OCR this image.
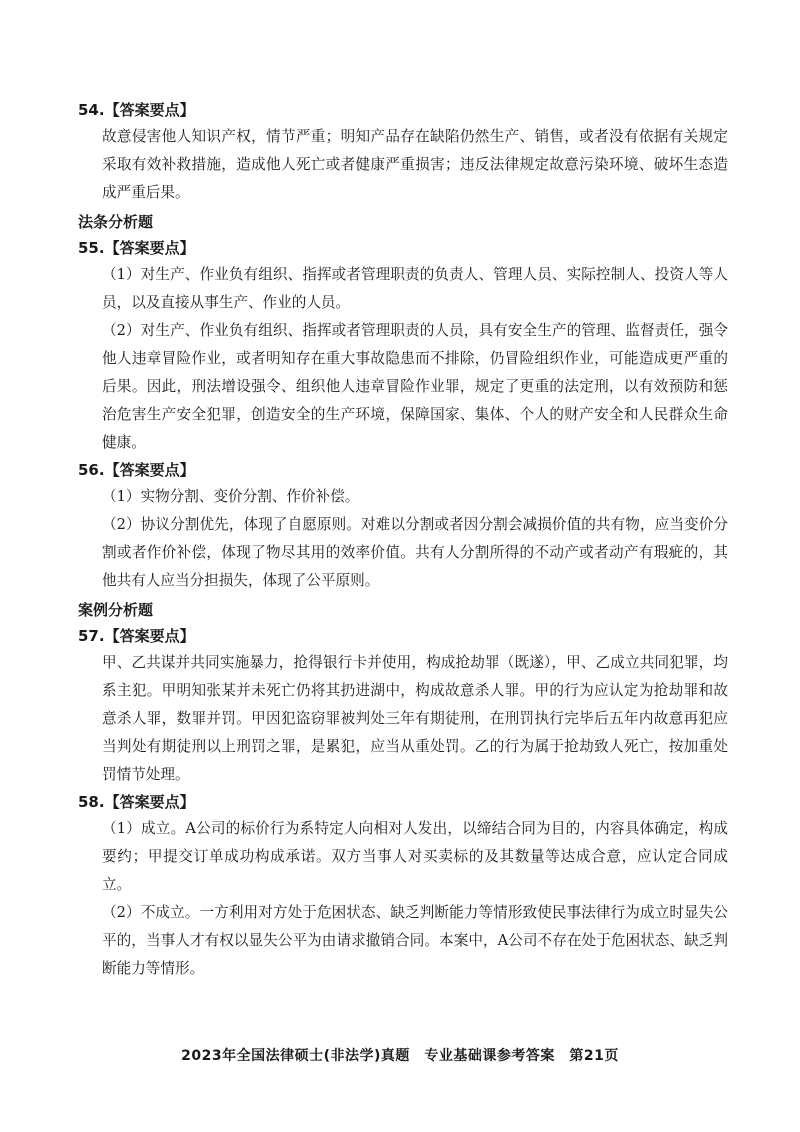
54.【答案要点】
故意侵害他人知识产权，情节严重；明知产品存在缺陷仍然生产、销售，或者没有依据有关规定采取有效补救措施，造成他人死亡或者健康严重损害；违反法律规定故意污染环境、破坏生态造成严重后果。
法条分析题
55.【答案要点】
（1）对生产、作业负有组织、指挥或者管理职责的负责人、管理人员、实际控制人、投资人等人员，以及直接从事生产、作业的人员。
（2）对生产、作业负有组织、指挥或者管理职责的人员，具有安全生产的管理、监督责任，强令他人违章冒险作业，或者明知存在重大事故隐患而不排除，仍冒险组织作业，可能造成更严重的后果。因此，刑法增设强令、组织他人违章冒险作业罪，规定了更重的法定刑，以有效预防和惩治危害生产安全犯罪，创造安全的生产环境，保障国家、集体、个人的财产安全和人民群众生命健康。
56.【答案要点】
（1）实物分割、变价分割、作价补偿。
（2）协议分割优先，体现了自愿原则。对难以分割或者因分割会减损价值的共有物，应当变价分割或者作价补偿，体现了物尽其用的效率价值。共有人分割所得的不动产或者动产有瑕疵的，其他共有人应当分担损失，体现了公平原则。
案例分析题
57.【答案要点】
甲、乙共谋并共同实施暴力，抢得银行卡并使用，构成抢劫罪（既遂），甲、乙成立共同犯罪，均系主犯。甲明知张某并未死亡仍将其扔进湖中，构成故意杀人罪。甲的行为应认定为抢劫罪和故意杀人罪，数罪并罚。甲因犯盗窃罪被判处三年有期徒刑，在刑罚执行完毕后五年内故意再犯应当判处有期徒刑以上刑罚之罪，是累犯，应当从重处罚。乙的行为属于抢劫致人死亡，按加重处罚情节处理。
58.【答案要点】
（1）成立。A公司的标价行为系特定人向相对人发出，以缔结合同为目的，内容具体确定，构成要约；甲提交订单成功构成承诺。双方当事人对买卖标的及其数量等达成合意，应认定合同成立。
（2）不成立。一方利用对方处于危困状态、缺乏判断能力等情形致使民事法律行为成立时显失公平的，当事人才有权以显失公平为由请求撤销合同。本案中，A公司不存在处于危困状态、缺乏判断能力等情形。
2023年全国法律硕士(非法学)真题　专业基础课参考答案　第21页
